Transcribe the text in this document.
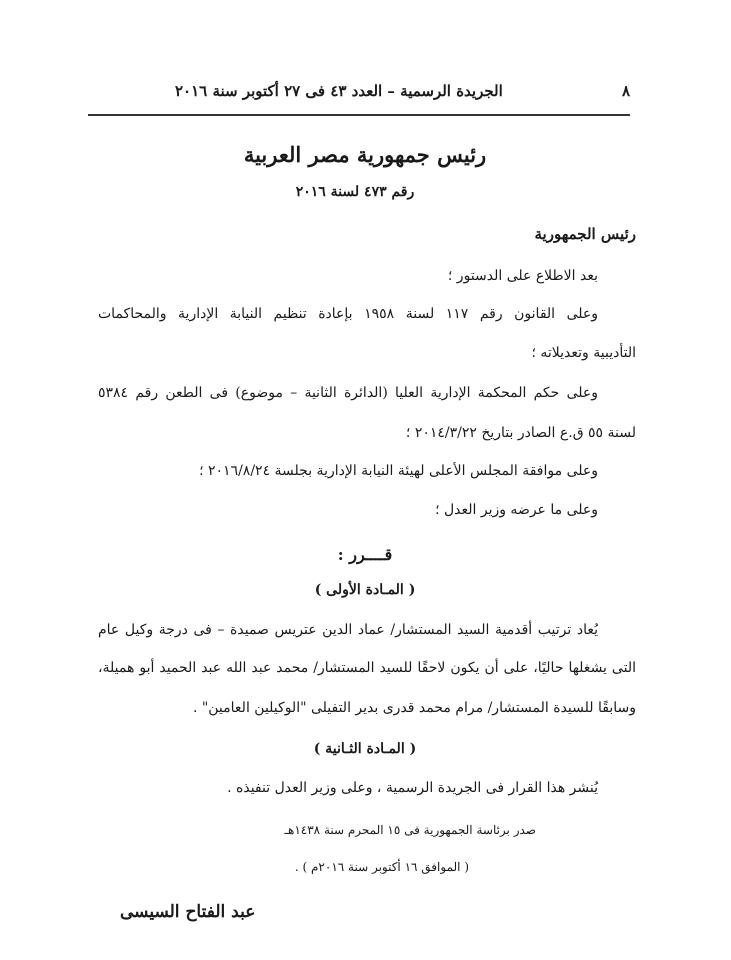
٨
الجريدة الرسمية – العدد ٤٣ فى ٢٧ أكتوبر سنة ٢٠١٦
رئيس جمهورية مصر العربية
رقم ٤٧٣ لسنة ٢٠١٦
رئيس الجمهورية
بعد الاطلاع على الدستور ؛
وعلى القانون رقم ١١٧ لسنة ١٩٥٨ بإعادة تنظيم النيابة الإدارية والمحاكمات
التأديبية وتعديلاته ؛
وعلى حكم المحكمة الإدارية العليا (الدائرة الثانية – موضوع) فى الطعن رقم ٥٣٨٤
لسنة ٥٥ ق.ع الصادر بتاريخ ٢٠١٤/٣/٢٢ ؛
وعلى موافقة المجلس الأعلى لهيئة النيابة الإدارية بجلسة ٢٠١٦/٨/٢٤ ؛
وعلى ما عرضه وزير العدل ؛
قــــرر :
( المـادة الأولى )
يُعاد ترتيب أقدمية السيد المستشار/ عماد الدين عتريس صميدة – فى درجة وكيل عام
التى يشغلها حاليًا، على أن يكون لاحقًا للسيد المستشار/ محمد عبد الله عبد الحميد أبو هميلة،
وسابقًا للسيدة المستشار/ مرام محمد قدرى بدير التفيلى "الوكيلين العامين" .
( المـادة الثـانية )
يُنشر هذا القرار فى الجريدة الرسمية ، وعلى وزير العدل تنفيذه .
صدر برئاسة الجمهورية فى ١٥ المحرم سنة ١٤٣٨هـ
( الموافق ١٦ أكتوبر سنة ٢٠١٦م ) .
عبد الفتاح السيسى
